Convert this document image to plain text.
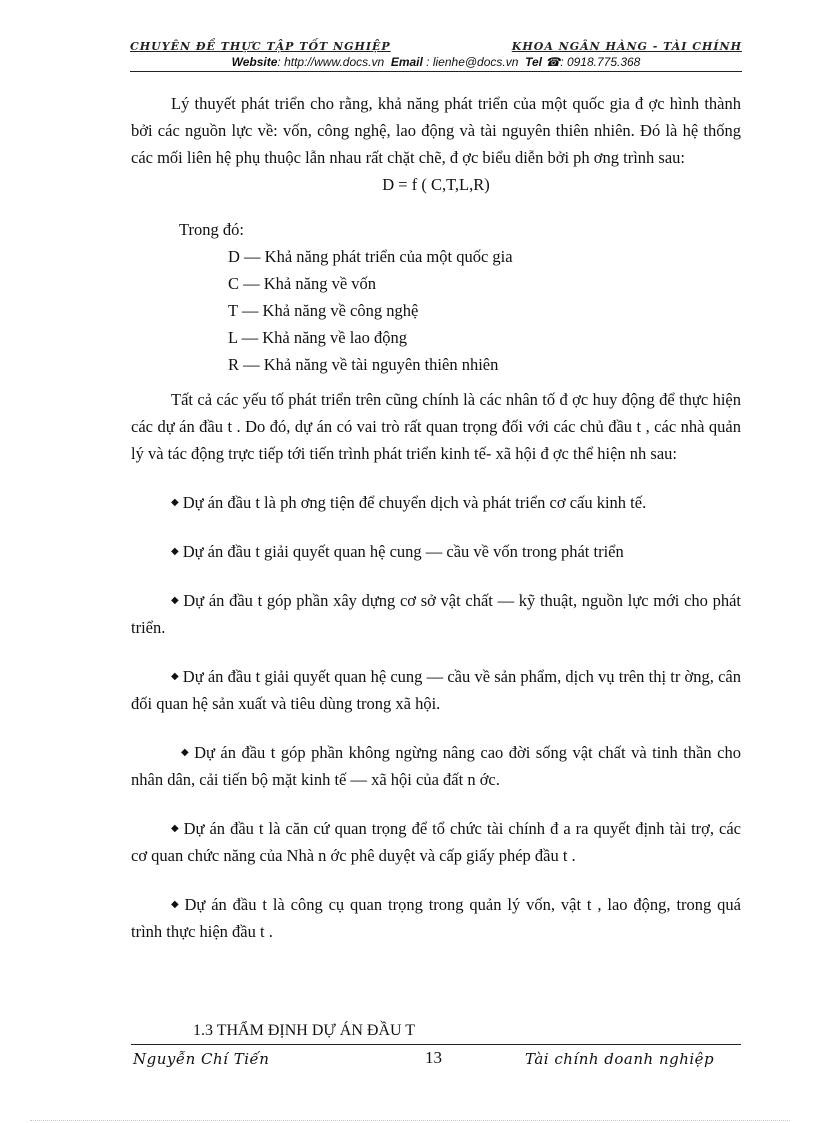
CHUYÊN ĐỀ THỰC TẬP TỐT NGHIỆP	KHOA NGÂN HÀNG - TÀI CHÍNH
Website: http://www.docs.vn Email : lienhe@docs.vn Tel ☎: 0918.775.368

Lý thuyết phát triển cho rằng, khả năng phát triển của một quốc gia đ ợc hình thành bởi các nguồn lực về: vốn, công nghệ, lao động và tài nguyên thiên nhiên. Đó là hệ thống các mối liên hệ phụ thuộc lẫn nhau rất chặt chẽ, đ ợc biểu diễn bởi ph ơng trình sau:

D = f ( C,T,L,R)

Trong đó:

D — Khả năng phát triển của một quốc gia
C — Khả năng về vốn
T — Khả năng về công nghệ
L — Khả năng về lao động
R — Khả năng về tài nguyên thiên nhiên

Tất cả các yếu tố phát triển trên cũng chính là các nhân tố đ ợc huy động để thực hiện các dự án đầu t . Do đó, dự án có vai trò rất quan trọng đối với các chủ đầu t , các nhà quản lý và tác động trực tiếp tới tiến trình phát triển kinh tế- xã hội đ ợc thể hiện nh sau:

◆ Dự án đầu t là ph ơng tiện để chuyển dịch và phát triển cơ cấu kinh tế.

◆ Dự án đầu t giải quyết quan hệ cung — cầu về vốn trong phát triển

◆ Dự án đầu t góp phần xây dựng cơ sở vật chất — kỹ thuật, nguồn lực mới cho phát triển.

◆ Dự án đầu t giải quyết quan hệ cung — cầu về sản phẩm, dịch vụ trên thị tr ờng, cân đối quan hệ sản xuất và tiêu dùng trong xã hội.

◆ Dự án đầu t góp phần không ngừng nâng cao đời sống vật chất và tinh thần cho nhân dân, cải tiến bộ mặt kinh tế — xã hội của đất n ớc.

◆ Dự án đầu t là căn cứ quan trọng để tổ chức tài chính đ a ra quyết định tài trợ, các cơ quan chức năng của Nhà n ớc phê duyệt và cấp giấy phép đầu t .

◆ Dự án đầu t là công cụ quan trọng trong quản lý vốn, vật t , lao động, trong quá trình thực hiện đầu t .

1.3 THẨM ĐỊNH DỰ ÁN ĐẦU T
Nguyễn Chí Tiến	13	Tài chính doanh nghiệp
